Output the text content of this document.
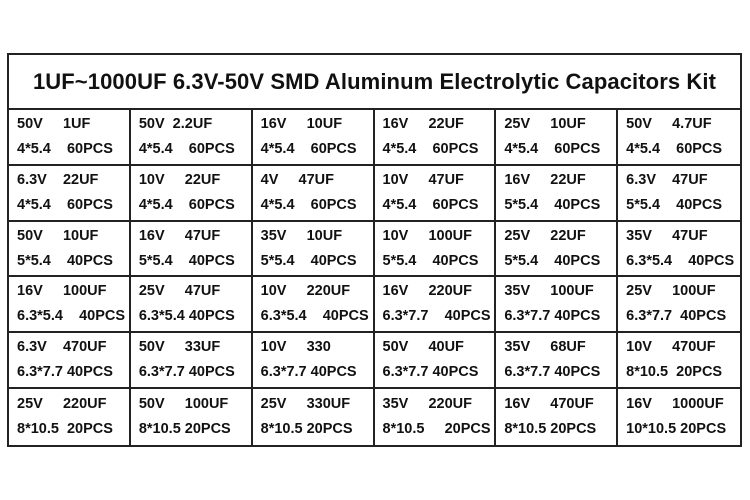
1UF~1000UF 6.3V-50V SMD Aluminum Electrolytic Capacitors Kit
50V     1UF
4*5.4    60PCS
50V  2.2UF
4*5.4    60PCS
16V     10UF
4*5.4    60PCS
16V     22UF
4*5.4    60PCS
25V     10UF
4*5.4    60PCS
50V     4.7UF
4*5.4    60PCS
6.3V    22UF
4*5.4    60PCS
10V     22UF
4*5.4    60PCS
4V     47UF
4*5.4    60PCS
10V     47UF
4*5.4    60PCS
16V     22UF
5*5.4    40PCS
6.3V    47UF
5*5.4    40PCS
50V     10UF
5*5.4    40PCS
16V     47UF
5*5.4    40PCS
35V     10UF
5*5.4    40PCS
10V     100UF
5*5.4    40PCS
25V     22UF
5*5.4    40PCS
35V     47UF
6.3*5.4    40PCS
16V     100UF
6.3*5.4    40PCS
25V     47UF
6.3*5.4 40PCS
10V     220UF
6.3*5.4    40PCS
16V     220UF
6.3*7.7    40PCS
35V     100UF
6.3*7.7 40PCS
25V     100UF
6.3*7.7  40PCS
6.3V    470UF
6.3*7.7 40PCS
50V     33UF
6.3*7.7 40PCS
10V     330
6.3*7.7 40PCS
50V     40UF
6.3*7.7 40PCS
35V     68UF
6.3*7.7 40PCS
10V     470UF
8*10.5  20PCS
25V     220UF
8*10.5  20PCS
50V     100UF
8*10.5 20PCS
25V     330UF
8*10.5 20PCS
35V     220UF
8*10.5     20PCS
16V     470UF
8*10.5 20PCS
16V     1000UF
10*10.5 20PCS
